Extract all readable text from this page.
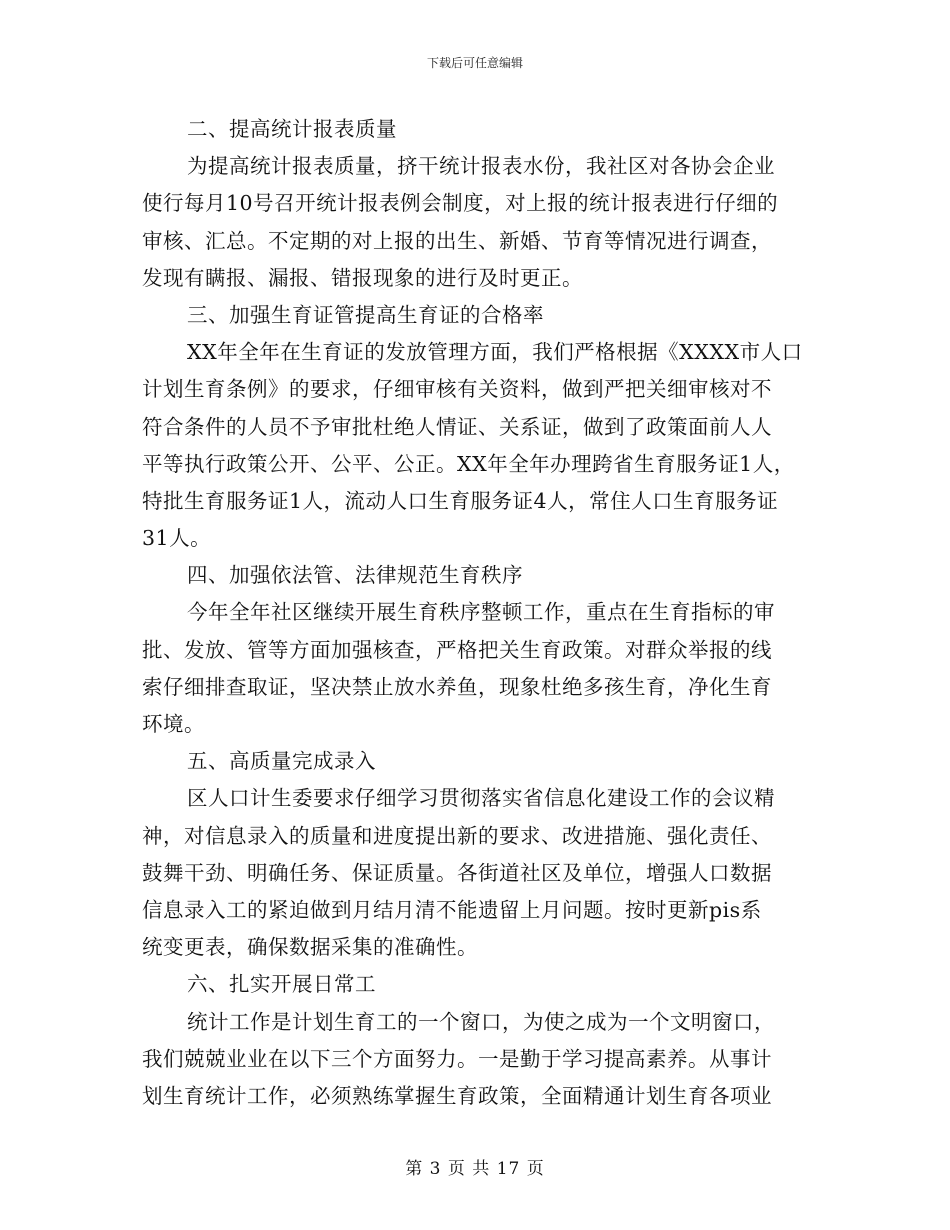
下载后可任意编辑
二、提高统计报表质量
为提高统计报表质量，挤干统计报表水份，我社区对各协会企业
使行每月10号召开统计报表例会制度，对上报的统计报表进行仔细的
审核、汇总。不定期的对上报的出生、新婚、节育等情况进行调查，
发现有瞒报、漏报、错报现象的进行及时更正。
三、加强生育证管提高生育证的合格率
XX年全年在生育证的发放管理方面，我们严格根据《XXXX市人口
计划生育条例》的要求，仔细审核有关资料，做到严把关细审核对不
符合条件的人员不予审批杜绝人情证、关系证，做到了政策面前人人
平等执行政策公开、公平、公正。XX年全年办理跨省生育服务证1人，
特批生育服务证1人，流动人口生育服务证4人，常住人口生育服务证
31人。
四、加强依法管、法律规范生育秩序
今年全年社区继续开展生育秩序整顿工作，重点在生育指标的审
批、发放、管等方面加强核查，严格把关生育政策。对群众举报的线
索仔细排查取证，坚决禁止放水养鱼，现象杜绝多孩生育，净化生育
环境。
五、高质量完成录入
区人口计生委要求仔细学习贯彻落实省信息化建设工作的会议精
神，对信息录入的质量和进度提出新的要求、改进措施、强化责任、
鼓舞干劲、明确任务、保证质量。各街道社区及单位，增强人口数据
信息录入工的紧迫做到月结月清不能遗留上月问题。按时更新pis系
统变更表，确保数据采集的准确性。
六、扎实开展日常工
统计工作是计划生育工的一个窗口，为使之成为一个文明窗口，
我们兢兢业业在以下三个方面努力。一是勤于学习提高素养。从事计
划生育统计工作，必须熟练掌握生育政策，全面精通计划生育各项业
第 3 页 共 17 页
